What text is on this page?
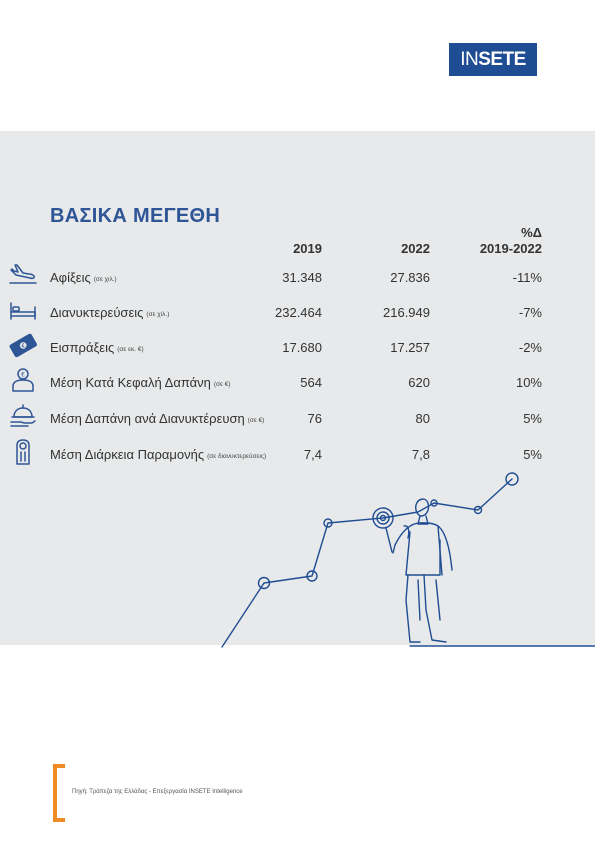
IN SETE
ΒΑΣΙΚΑ ΜΕΓΕΘΗ
2019	2022
%Δ
2019-2022
Αφίξεις (σε χιλ.)	31.348	27.836	-11%
Διανυκτερεύσεις (σε χιλ.)	232.464	216.949	-7%
€ Εισπράξεις (σε εκ. €)	17.680	17.257	-2%
€ Μέση Κατά Κεφαλή Δαπάνη (σε €)	564	620	10%
Μέση Δαπάνη ανά Διανυκτέρευση (σε €)	76	80	5%
Μέση Διάρκεια Παραμονής (σε διανυκτερεύσεις)	7,4	7,8	5%
Πηγή: Τράπεζα της Ελλάδας - Επεξεργασία INSETE Intelligence
